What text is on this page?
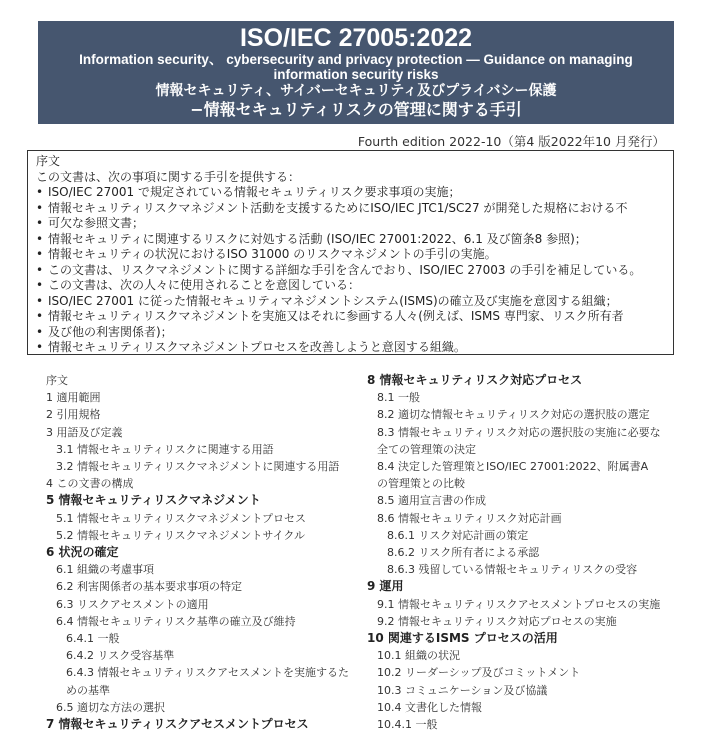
ISO/IEC 27005:2022
Information security、 cybersecurity and privacy protection — Guidance on managing
information security risks
情報セキュリティ、サイバーセキュリティ及びプライバシー保護
−情報セキュリティリスクの管理に関する手引
Fourth edition 2022-10（第4 版2022年10 月発行）
序文
この文書は、次の事項に関する手引を提供する：
• ISO/IEC 27001 で規定されている情報セキュリティリスク要求事項の実施；
• 情報セキュリティリスクマネジメント活動を支援するためにISO/IEC JTC1/SC27 が開発した規格における不
• 可欠な参照文書；
• 情報セキュリティに関連するリスクに対処する活動 (ISO/IEC 27001:2022、6.1 及び箇条8 参照)；
• 情報セキュリティの状況におけるISO 31000 のリスクマネジメントの手引の実施。
• この文書は、リスクマネジメントに関する詳細な手引を含んでおり、ISO/IEC 27003 の手引を補足している。
• この文書は、次の人々に使用されることを意図している：
• ISO/IEC 27001 に従った情報セキュリティマネジメントシステム(ISMS)の確立及び実施を意図する組織；
• 情報セキュリティリスクマネジメントを実施又はそれに参画する人々(例えば、ISMS 専門家、リスク所有者
• 及び他の利害関係者)；
• 情報セキュリティリスクマネジメントプロセスを改善しようと意図する組織。
序文
1 適用範囲
2 引用規格
3 用語及び定義
3.1 情報セキュリティリスクに関連する用語
3.2 情報セキュリティリスクマネジメントに関連する用語
4 この文書の構成
5 情報セキュリティリスクマネジメント
5.1 情報セキュリティリスクマネジメントプロセス
5.2 情報セキュリティリスクマネジメントサイクル
6 状況の確定
6.1 組織の考慮事項
6.2 利害関係者の基本要求事項の特定
6.3 リスクアセスメントの適用
6.4 情報セキュリティリスク基準の確立及び維持
6.4.1 一般
6.4.2 リスク受容基準
6.4.3 情報セキュリティリスクアセスメントを実施するた
めの基準
6.5 適切な方法の選択
7 情報セキュリティリスクアセスメントプロセス
8 情報セキュリティリスク対応プロセス
8.1 一般
8.2 適切な情報セキュリティリスク対応の選択肢の選定
8.3 情報セキュリティリスク対応の選択肢の実施に必要な
全ての管理策の決定
8.4 決定した管理策とISO/IEC 27001:2022、附属書A
の管理策との比較
8.5 適用宣言書の作成
8.6 情報セキュリティリスク対応計画
8.6.1 リスク対応計画の策定
8.6.2 リスク所有者による承認
8.6.3 残留している情報セキュリティリスクの受容
9 運用
9.1 情報セキュリティリスクアセスメントプロセスの実施
9.2 情報セキュリティリスク対応プロセスの実施
10 関連するISMS プロセスの活用
10.1 組織の状況
10.2 リーダーシップ及びコミットメント
10.3 コミュニケーション及び協議
10.4 文書化した情報
10.4.1 一般
